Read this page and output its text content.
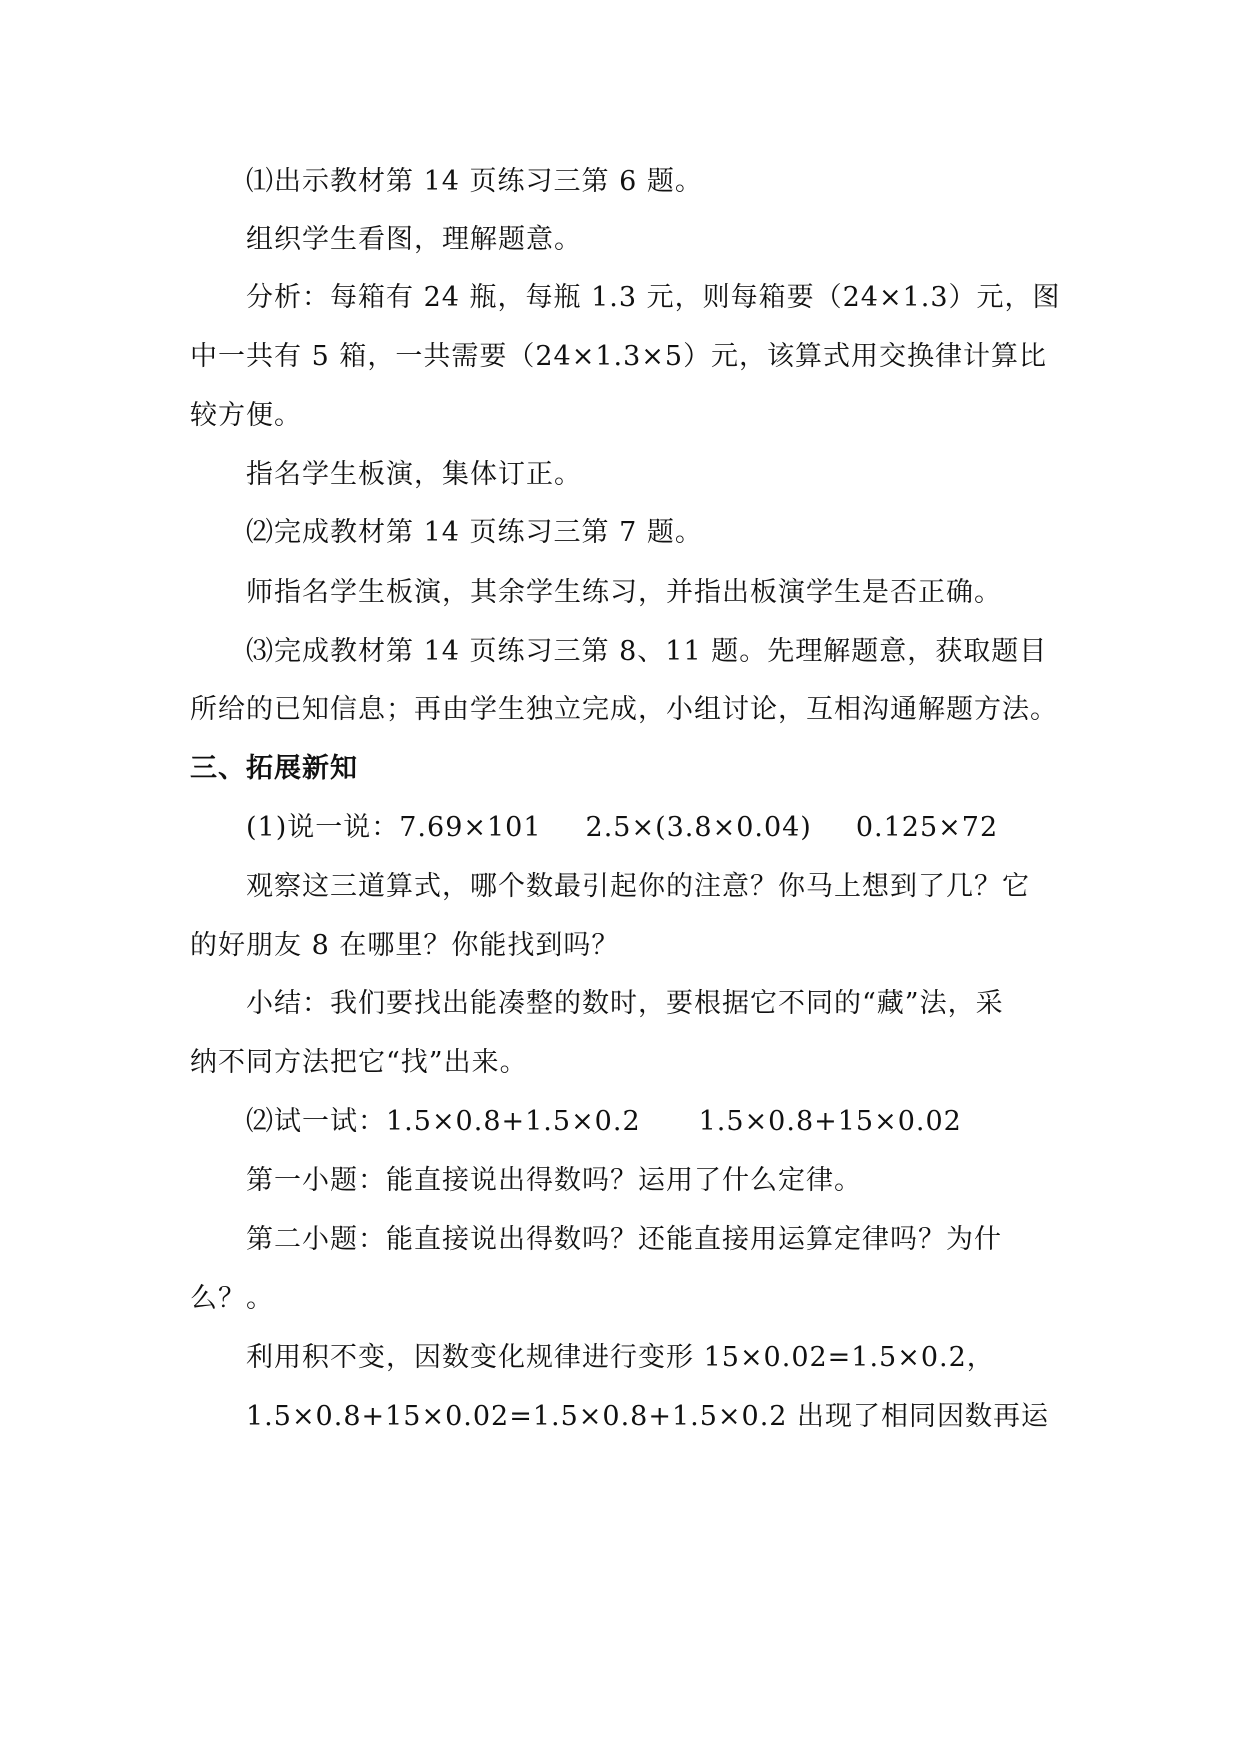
⑴出示教材第 14 页练习三第 6 题。
组织学生看图，理解题意。
分析：每箱有 24 瓶，每瓶 1.3 元，则每箱要（24×1.3）元，图
中一共有 5 箱，一共需要（24×1.3×5）元，该算式用交换律计算比
较方便。
指名学生板演，集体订正。
⑵完成教材第 14 页练习三第 7 题。
师指名学生板演，其余学生练习，并指出板演学生是否正确。
⑶完成教材第 14 页练习三第 8、11 题。先理解题意，获取题目
所给的已知信息；再由学生独立完成，小组讨论，互相沟通解题方法。
三、拓展新知
(1)说一说：7.69×101 2.5×(3.8×0.04) 0.125×72
观察这三道算式，哪个数最引起你的注意？你马上想到了几？它
的好朋友 8 在哪里？你能找到吗？
小结：我们要找出能凑整的数时，要根据它不同的“藏”法，采
纳不同方法把它“找”出来。
⑵试一试：1.5×0.8+1.5×0.2 1.5×0.8+15×0.02
第一小题：能直接说出得数吗？运用了什么定律。
第二小题：能直接说出得数吗？还能直接用运算定律吗？为什
么？。
利用积不变，因数变化规律进行变形 15×0.02=1.5×0.2，
1.5×0.8+15×0.02=1.5×0.8+1.5×0.2 出现了相同因数再运
